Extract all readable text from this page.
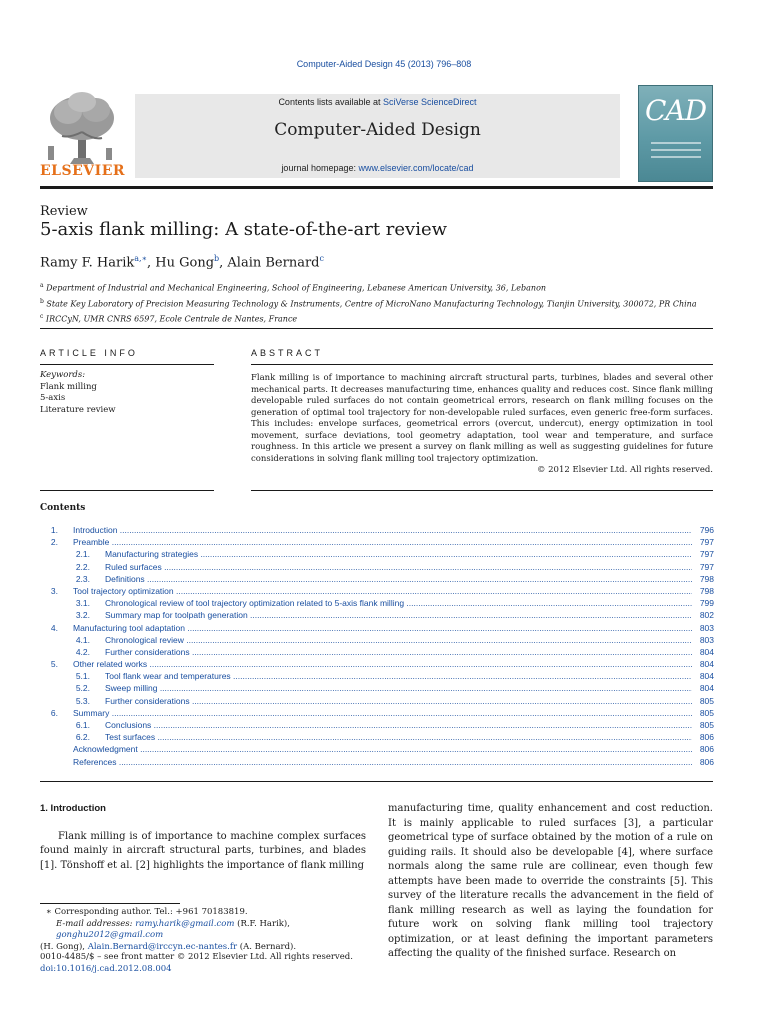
Computer-Aided Design 45 (2013) 796–808
ELSEVIER
Contents lists available at SciVerse ScienceDirect
Computer-Aided Design
journal homepage: www.elsevier.com/locate/cad
CAD
Review
5-axis flank milling: A state-of-the-art review
Ramy F. Harik$^{a,∗}$, Hu Gong$^b$, Alain Bernard$^c$
$^a$ Department of Industrial and Mechanical Engineering, School of Engineering, Lebanese American University, 36, Lebanon
$^b$ State Key Laboratory of Precision Measuring Technology & Instruments, Centre of MicroNano Manufacturing Technology, Tianjin University, 300072, PR China
$^c$ IRCCyN, UMR CNRS 6597, Ecole Centrale de Nantes, France
ARTICLE INFO	ABSTRACT
Keywords:
Flank milling
5-axis
Literature review
Flank milling is of importance to machining aircraft structural parts, turbines, blades and several other mechanical parts. It decreases manufacturing time, enhances quality and reduces cost. Since flank milling developable ruled surfaces do not contain geometrical errors, research on flank milling focuses on the generation of optimal tool trajectory for non-developable ruled surfaces, even generic free-form surfaces. This includes: envelope surfaces, geometrical errors (overcut, undercut), energy optimization in tool movement, surface deviations, tool geometry adaptation, tool wear and temperature, and surface roughness. In this article we present a survey on flank milling as well as suggesting guidelines for future considerations in solving flank milling tool trajectory optimization.
© 2012 Elsevier Ltd. All rights reserved.
Contents
1. Introduction .....	796
2. Preamble .....	797
2.1. Manufacturing strategies .....	797
2.2. Ruled surfaces .....	797
2.3. Definitions .....	798
3. Tool trajectory optimization .....	798
3.1. Chronological review of tool trajectory optimization related to 5-axis flank milling .....	799
3.2. Summary map for toolpath generation .....	802
4. Manufacturing tool adaptation .....	803
4.1. Chronological review .....	803
4.2. Further considerations .....	804
5. Other related works .....	804
5.1. Tool flank wear and temperatures .....	804
5.2. Sweep milling .....	804
5.3. Further considerations .....	805
6. Summary .....	805
6.1. Conclusions .....	805
6.2. Test surfaces .....	806
Acknowledgment .....	806
References .....	806
1. Introduction

Flank milling is of importance to machine complex surfaces found mainly in aircraft structural parts, turbines, and blades [1]. Tönshoff et al. [2] highlights the importance of flank milling

manufacturing time, quality enhancement and cost reduction. It is mainly applicable to ruled surfaces [3], a particular geometrical type of surface obtained by the motion of a rule on guiding rails. It should also be developable [4], where surface normals along the same rule are collinear, even though few attempts have been made to override the constraints [5]. This survey of the literature recalls the advancement in the field of flank milling research as well as laying the foundation for future work on solving flank milling tool trajectory optimization, or at least defining the important parameters affecting the quality of the finished surface. Research on

∗ Corresponding author. Tel.: +961 70183819.
E-mail addresses: ramy.harik@gmail.com (R.F. Harik), gonghu2012@gmail.com
(H. Gong), Alain.Bernard@irccyn.ec-nantes.fr (A. Bernard).
0010-4485/$ – see front matter © 2012 Elsevier Ltd. All rights reserved.
doi:10.1016/j.cad.2012.08.004
